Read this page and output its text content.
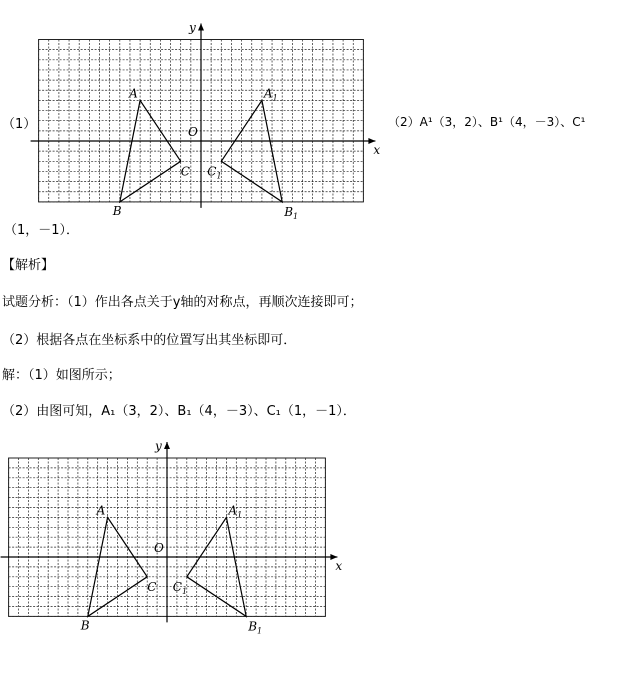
x
y
O
A
B
C
$A_1$
$B_1$
$C_1$
（1）	（2）A¹（3，2）、B¹（4，－3）、C¹
（1，－1）．
【解析】
试题分析：（1）作出各点关于y轴的对称点，再顺次连接即可；
（2）根据各点在坐标系中的位置写出其坐标即可．
解：（1）如图所示；
（2）由图可知，A₁（3，2）、B₁（4，－3）、C₁（1，－1）．
x
y
O
A
B
C
$A_1$
$B_1$
$C_1$
